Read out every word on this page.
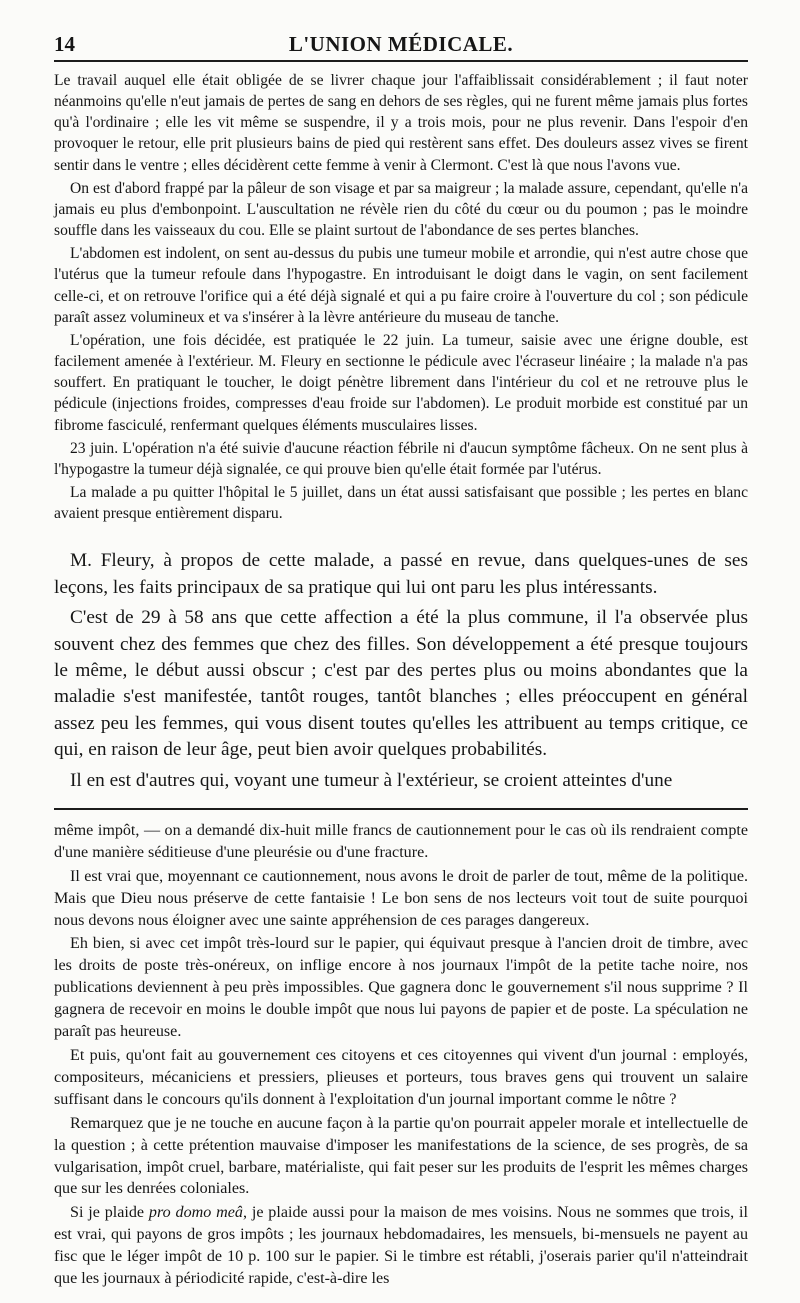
14	L'UNION MÉDICALE.

Le travail auquel elle était obligée de se livrer chaque jour l'affaiblissait considérablement ; il faut noter néanmoins qu'elle n'eut jamais de pertes de sang en dehors de ses règles, qui ne furent même jamais plus fortes qu'à l'ordinaire ; elle les vit même se suspendre, il y a trois mois, pour ne plus revenir. Dans l'espoir d'en provoquer le retour, elle prit plusieurs bains de pied qui restèrent sans effet. Des douleurs assez vives se firent sentir dans le ventre ; elles décidèrent cette femme à venir à Clermont. C'est là que nous l'avons vue.

On est d'abord frappé par la pâleur de son visage et par sa maigreur ; la malade assure, cependant, qu'elle n'a jamais eu plus d'embonpoint. L'auscultation ne révèle rien du côté du cœur ou du poumon ; pas le moindre souffle dans les vaisseaux du cou. Elle se plaint surtout de l'abondance de ses pertes blanches.

L'abdomen est indolent, on sent au-dessus du pubis une tumeur mobile et arrondie, qui n'est autre chose que l'utérus que la tumeur refoule dans l'hypogastre. En introduisant le doigt dans le vagin, on sent facilement celle-ci, et on retrouve l'orifice qui a été déjà signalé et qui a pu faire croire à l'ouverture du col ; son pédicule paraît assez volumineux et va s'insérer à la lèvre antérieure du museau de tanche.

L'opération, une fois décidée, est pratiquée le 22 juin. La tumeur, saisie avec une érigne double, est facilement amenée à l'extérieur. M. Fleury en sectionne le pédicule avec l'écraseur linéaire ; la malade n'a pas souffert. En pratiquant le toucher, le doigt pénètre librement dans l'intérieur du col et ne retrouve plus le pédicule (injections froides, compresses d'eau froide sur l'abdomen). Le produit morbide est constitué par un fibrome fasciculé, renfermant quelques éléments musculaires lisses.

23 juin. L'opération n'a été suivie d'aucune réaction fébrile ni d'aucun symptôme fâcheux. On ne sent plus à l'hypogastre la tumeur déjà signalée, ce qui prouve bien qu'elle était formée par l'utérus.

La malade a pu quitter l'hôpital le 5 juillet, dans un état aussi satisfaisant que possible ; les pertes en blanc avaient presque entièrement disparu.

M. Fleury, à propos de cette malade, a passé en revue, dans quelques-unes de ses leçons, les faits principaux de sa pratique qui lui ont paru les plus intéressants.

C'est de 29 à 58 ans que cette affection a été la plus commune, il l'a observée plus souvent chez des femmes que chez des filles. Son développement a été presque toujours le même, le début aussi obscur ; c'est par des pertes plus ou moins abondantes que la maladie s'est manifestée, tantôt rouges, tantôt blanches ; elles préoccupent en général assez peu les femmes, qui vous disent toutes qu'elles les attribuent au temps critique, ce qui, en raison de leur âge, peut bien avoir quelques probabilités.

Il en est d'autres qui, voyant une tumeur à l'extérieur, se croient atteintes d'une

même impôt, — on a demandé dix-huit mille francs de cautionnement pour le cas où ils rendraient compte d'une manière séditieuse d'une pleurésie ou d'une fracture.

Il est vrai que, moyennant ce cautionnement, nous avons le droit de parler de tout, même de la politique. Mais que Dieu nous préserve de cette fantaisie ! Le bon sens de nos lecteurs voit tout de suite pourquoi nous devons nous éloigner avec une sainte appréhension de ces parages dangereux.

Eh bien, si avec cet impôt très-lourd sur le papier, qui équivaut presque à l'ancien droit de timbre, avec les droits de poste très-onéreux, on inflige encore à nos journaux l'impôt de la petite tache noire, nos publications deviennent à peu près impossibles. Que gagnera donc le gouvernement s'il nous supprime ? Il gagnera de recevoir en moins le double impôt que nous lui payons de papier et de poste. La spéculation ne paraît pas heureuse.

Et puis, qu'ont fait au gouvernement ces citoyens et ces citoyennes qui vivent d'un journal : employés, compositeurs, mécaniciens et pressiers, plieuses et porteurs, tous braves gens qui trouvent un salaire suffisant dans le concours qu'ils donnent à l'exploitation d'un journal important comme le nôtre ?

Remarquez que je ne touche en aucune façon à la partie qu'on pourrait appeler morale et intellectuelle de la question ; à cette prétention mauvaise d'imposer les manifestations de la science, de ses progrès, de sa vulgarisation, impôt cruel, barbare, matérialiste, qui fait peser sur les produits de l'esprit les mêmes charges que sur les denrées coloniales.

Si je plaide pro domo meâ, je plaide aussi pour la maison de mes voisins. Nous ne sommes que trois, il est vrai, qui payons de gros impôts ; les journaux hebdomadaires, les mensuels, bi-mensuels ne payent au fisc que le léger impôt de 10 p. 100 sur le papier. Si le timbre est rétabli, j'oserais parier qu'il n'atteindrait que les journaux à périodicité rapide, c'est-à-dire les
